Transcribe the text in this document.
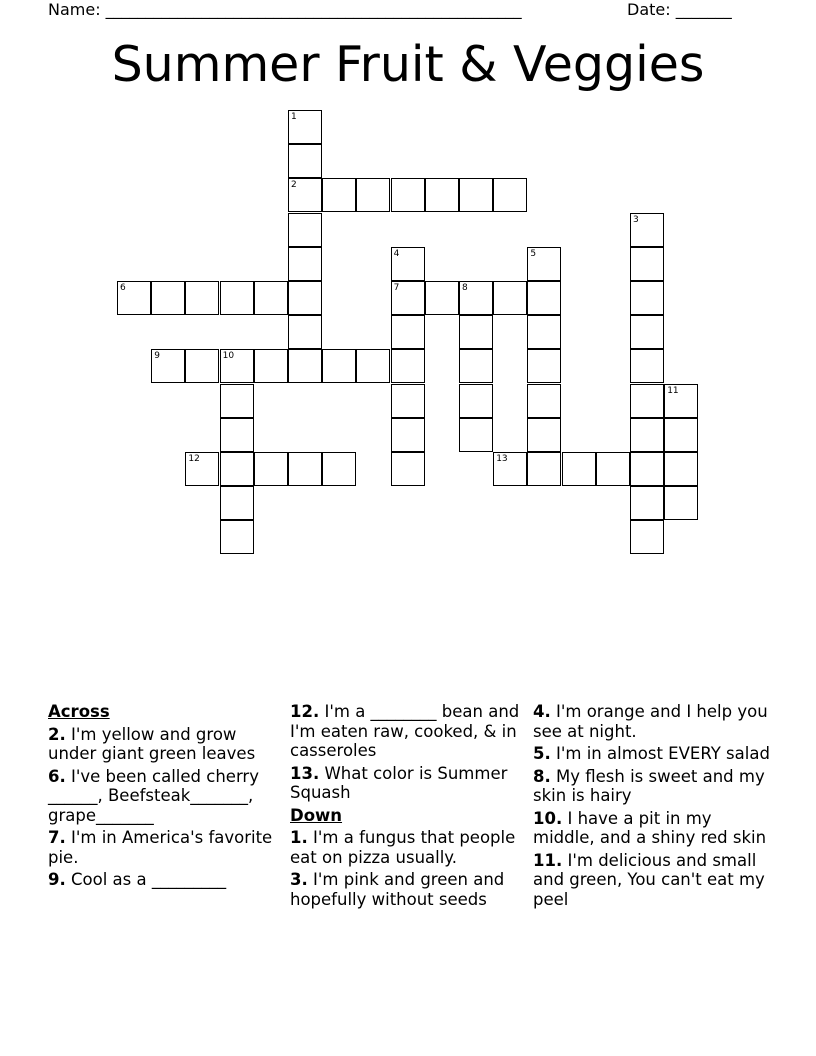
Name: ____________________________________________________

	Date: _______

Summer Fruit & Veggies
1
2
3
4	5
6	7	8
9	10
11
12	13
Across
2. I'm yellow and grow under giant green leaves
6. I've been called cherry ______, Beefsteak_______, grape_______
7. I'm in America's favorite pie.
9. Cool as a _________
12. I'm a ________ bean and I'm eaten raw, cooked, & in casseroles
13. What color is Summer Squash
Down
1. I'm a fungus that people eat on pizza usually.
3. I'm pink and green and hopefully without seeds
4. I'm orange and I help you see at night.
5. I'm in almost EVERY salad
8. My flesh is sweet and my skin is hairy
10. I have a pit in my middle, and a shiny red skin
11. I'm delicious and small and green, You can't eat my peel
